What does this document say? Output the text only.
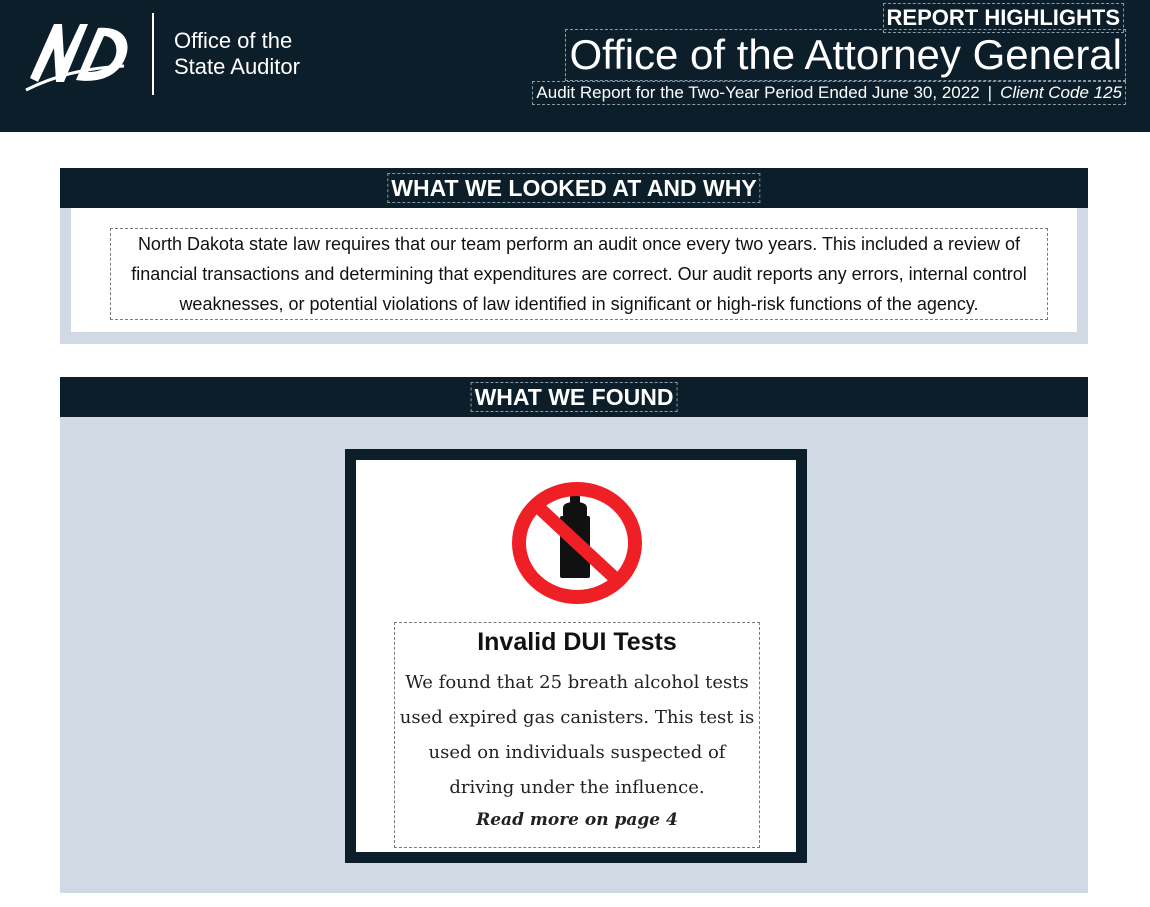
Office of the
State Auditor
REPORT HIGHLIGHTS
Office of the Attorney General
Audit Report for the Two-Year Period Ended June 30, 2022 | Client Code 125
WHAT WE LOOKED AT AND WHY
North Dakota state law requires that our team perform an audit once every two years. This included a review of financial transactions and determining that expenditures are correct. Our audit reports any errors, internal control weaknesses, or potential violations of law identified in significant or high-risk functions of the agency.
WHAT WE FOUND
Invalid DUI Tests
We found that 25 breath alcohol tests used expired gas canisters. This test is used on individuals suspected of driving under the influence.
Read more on page 4
